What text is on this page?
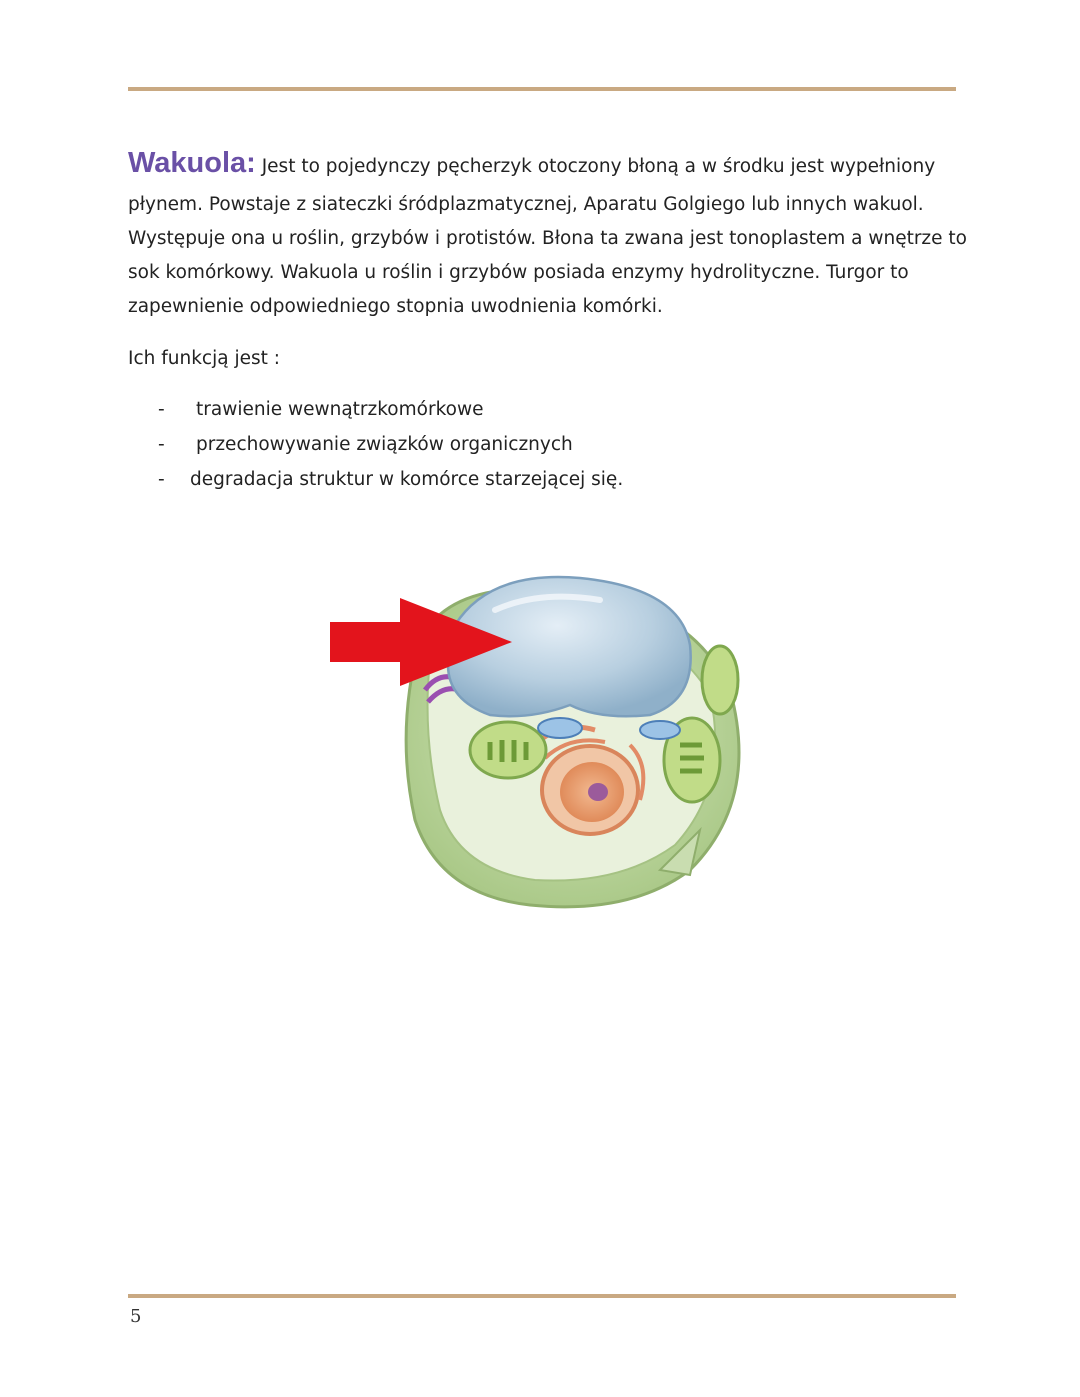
Wakuola: Jest to pojedynczy pęcherzyk otoczony błoną a w środku jest wypełniony
płynem. Powstaje z siateczki śródplazmatycznej, Aparatu Golgiego lub innych wakuol.
Występuje ona u roślin, grzybów i protistów. Błona ta zwana jest tonoplastem a wnętrze to
sok komórkowy. Wakuola u roślin i grzybów posiada enzymy hydrolityczne. Turgor to
zapewnienie odpowiedniego stopnia uwodnienia komórki.
Ich funkcją jest :
- trawienie wewnątrzkomórkowe
- przechowywanie związków organicznych
- degradacja struktur w komórce starzejącej się.
5
